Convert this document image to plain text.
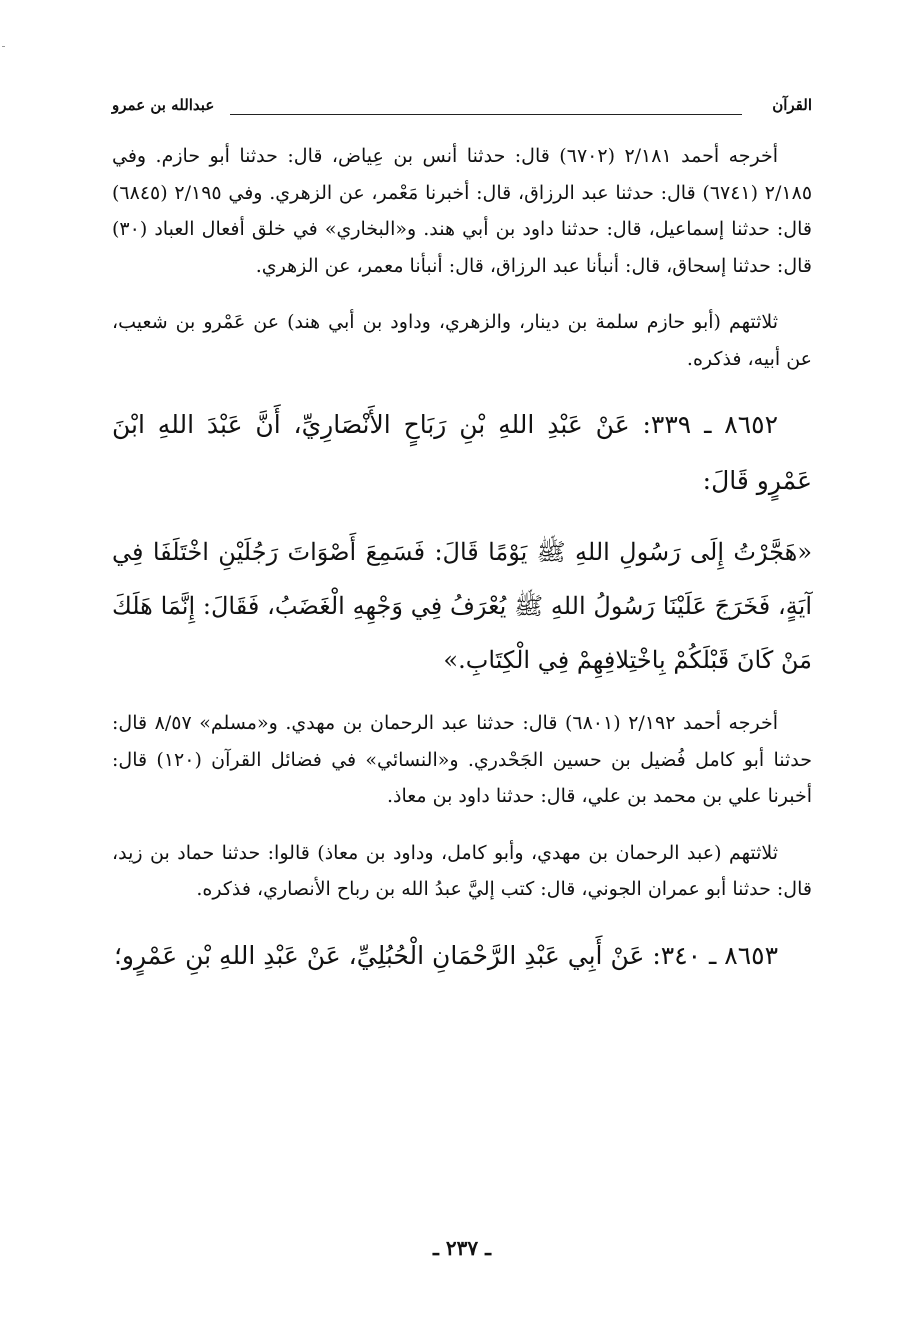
القرآن
عبدالله بن عمرو

أخرجه أحمد ٢/١٨١ (٦٧٠٢) قال: حدثنا أنس بن عِياض، قال: حدثنا أبو حازم. وفي ٢/١٨٥ (٦٧٤١) قال: حدثنا عبد الرزاق، قال: أخبرنا مَعْمر، عن الزهري. وفي ٢/١٩٥ (٦٨٤٥) قال: حدثنا إسماعيل، قال: حدثنا داود بن أبي هند. و«البخاري» في خلق أفعال العباد (٣٠) قال: حدثنا إسحاق، قال: أنبأنا عبد الرزاق، قال: أنبأنا معمر، عن الزهري.

ثلاثتهم (أبو حازم سلمة بن دينار، والزهري، وداود بن أبي هند) عن عَمْرو بن شعيب، عن أبيه، فذكره.

٨٦٥٢ ـ ٣٣٩: عَنْ عَبْدِ اللهِ بْنِ رَبَاحٍ الأَنْصَارِيِّ، أَنَّ عَبْدَ اللهِ ابْنَ عَمْرٍو قَالَ:

«هَجَّرْتُ إِلَى رَسُولِ اللهِ ﷺ يَوْمًا قَالَ: فَسَمِعَ أَصْوَاتَ رَجُلَيْنِ اخْتَلَفَا فِي آيَةٍ، فَخَرَجَ عَلَيْنَا رَسُولُ اللهِ ﷺ يُعْرَفُ فِي وَجْهِهِ الْغَضَبُ، فَقَالَ: إِنَّمَا هَلَكَ مَنْ كَانَ قَبْلَكُمْ بِاخْتِلافِهِمْ فِي الْكِتَابِ.»

أخرجه أحمد ٢/١٩٢ (٦٨٠١) قال: حدثنا عبد الرحمان بن مهدي. و«مسلم» ٨/٥٧ قال: حدثنا أبو كامل فُضيل بن حسين الجَحْدري. و«النسائي» في فضائل القرآن (١٢٠) قال: أخبرنا علي بن محمد بن علي، قال: حدثنا داود بن معاذ.

ثلاثتهم (عبد الرحمان بن مهدي، وأبو كامل، وداود بن معاذ) قالوا: حدثنا حماد بن زيد، قال: حدثنا أبو عمران الجوني، قال: كتب إليَّ عبدُ الله بن رباح الأنصاري، فذكره.

٨٦٥٣ ـ ٣٤٠: عَنْ أَبِي عَبْدِ الرَّحْمَانِ الْحُبُلِيِّ، عَنْ عَبْدِ اللهِ بْنِ عَمْرٍو؛

ـ ٢٣٧ ـ
